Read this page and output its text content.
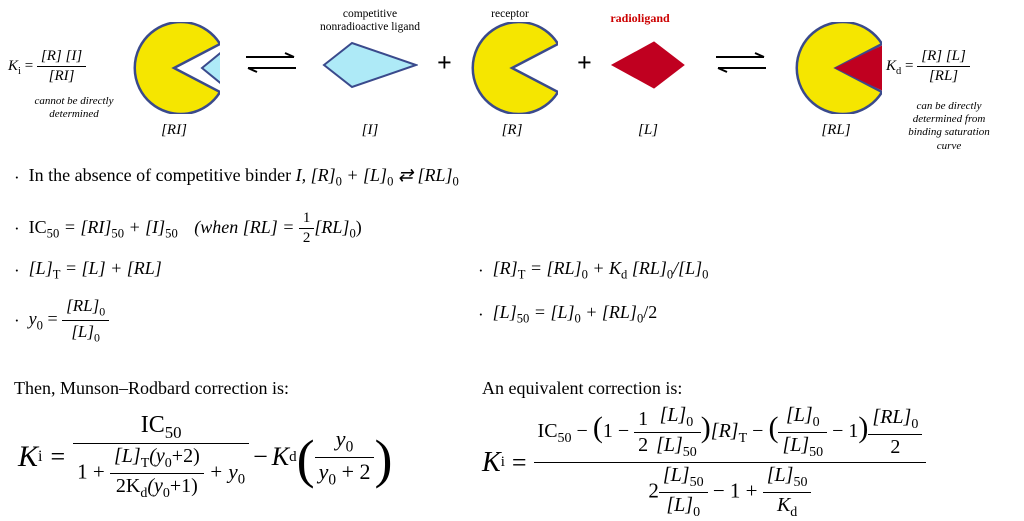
$K_i = \frac{[R] [I]}{[RI]}$
cannot be directly
determined
[RI]
competitive
nonradioactive ligand
[I]
+
receptor
[R]
+
radioligand
[L]	[RL]
$K_d = \frac{[R] [L]}{[RL]}$
can be directly
determined from
binding saturation
curve
· In the absence of competitive binder I, $[R]_0 + [L]_0$ ⇄ $[RL]_0$
· $IC_{50} = [RI]_{50} + [I]_{50}$ (when $[RL] = \frac{1}{2} [RL]_0$)
· $[L]_T = [L] + [RL]$
· $y_0 = \frac{[RL]_0}{[L]_0}$
· $[R]_T = [RL]_0 + K_d$ $[RL]_0/[L]_0$
· $[L]_{50} = [L]_0 + [RL]_0/2$
Then, Munson–Rodbard correction is:	An equivalent correction is:
K $i = \frac{IC_{50}}{1 + \frac{[L]_T(y_0+2)}{2K_d(y_0+1)} + y_0} - K$ d ( $\frac{y_0}{y_0 + 2}$ )	K $i = \frac{IC_{50} - (1 - \frac{1}{2} \frac{[L]_0}{[L]_{50}} )[R]_T - ( \frac{[L]_0}{[L]_{50}} - 1) \frac{[RL]_0}{2}}{2 \frac{[L]_{50}}{[L]_0} - 1 + \frac{[L]_{50}}{K_d}}$
